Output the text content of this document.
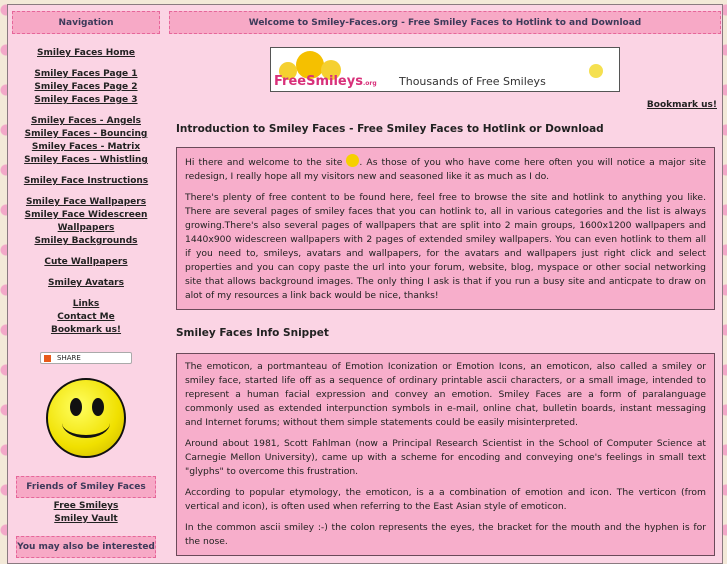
Navigation
Smiley Faces Home
Smiley Faces Page 1
Smiley Faces Page 2
Smiley Faces Page 3
Smiley Faces - Angels
Smiley Faces - Bouncing
Smiley Faces - Matrix
Smiley Faces - Whistling
Smiley Face Instructions
Smiley Face Wallpapers
Smiley Face Widescreen Wallpapers
Smiley Backgrounds
Cute Wallpapers
Smiley Avatars
Links
Contact Me
Bookmark us!
SHARE
Friends of Smiley Faces
Free Smileys
Smiley Vault
You may also be interested
Welcome to Smiley-Faces.org - Free Smiley Faces to Hotlink to and Download
FreeSmileys.org Thousands of Free Smileys
Bookmark us!
Introduction to Smiley Faces - Free Smiley Faces to Hotlink or Download

Hi there and welcome to the site . As those of you who have come here often you will notice a major site redesign, I really hope all my visitors new and seasoned like it as much as I do.

There's plenty of free content to be found here, feel free to browse the site and hotlink to anything you like. There are several pages of smiley faces that you can hotlink to, all in various categories and the list is always growing.There's also several pages of wallpapers that are split into 2 main groups, 1600x1200 wallpapers and 1440x900 widescreen wallpapers with 2 pages of extended smiley wallpapers. You can even hotlink to them all if you need to, smileys, avatars and wallpapers, for the avatars and wallpapers just right click and select properties and you can copy paste the url into your forum, website, blog, myspace or other social networking site that allows background images. The only thing I ask is that if you run a busy site and anticpate to draw on alot of my resources a link back would be nice, thanks!

Smiley Faces Info Snippet

The emoticon, a portmanteau of Emotion Iconization or Emotion Icons, an emoticon, also called a smiley or smiley face, started life off as a sequence of ordinary printable ascii characters, or a small image, intended to represent a human facial expression and convey an emotion. Smiley Faces are a form of paralanguage commonly used as extended interpunction symbols in e-mail, online chat, bulletin boards, instant messaging and Internet forums; without them simple statements could be easily misinterpreted.

Around about 1981, Scott Fahlman (now a Principal Research Scientist in the School of Computer Science at Carnegie Mellon University), came up with a scheme for encoding and conveying one's feelings in small text "glyphs" to overcome this frustration.

According to popular etymology, the emoticon, is a a combination of emotion and icon. The verticon (from vertical and icon), is often used when referring to the East Asian style of emoticon.

In the common ascii smiley :-) the colon represents the eyes, the bracket for the mouth and the hyphen is for the nose.
